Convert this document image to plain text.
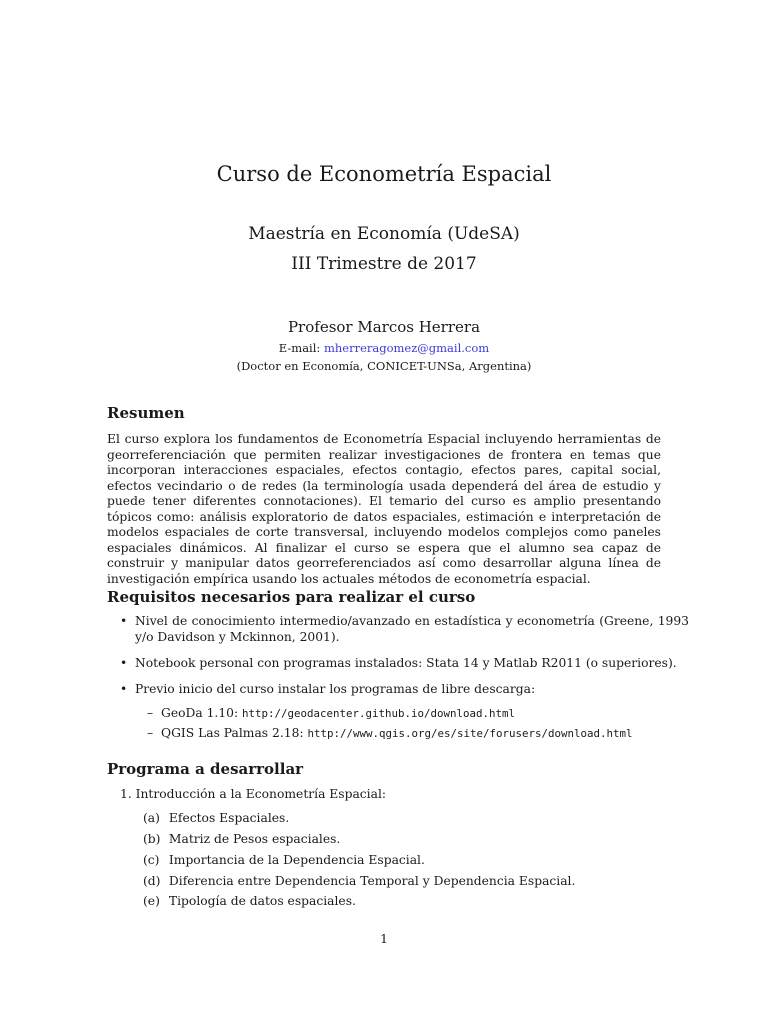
Curso de Econometría Espacial
Maestría en Economía (UdeSA)
III Trimestre de 2017
Profesor Marcos Herrera
E-mail: mherreragomez@gmail.com
(Doctor en Economía, CONICET-UNSa, Argentina)
Resumen
El curso explora los fundamentos de Econometría Espacial incluyendo herramientas de georreferenciación que permiten realizar investigaciones de frontera en temas que incorporan interacciones espaciales, efectos contagio, efectos pares, capital social, efectos vecindario o de redes (la terminología usada dependerá del área de estudio y puede tener diferentes connotaciones). El temario del curso es amplio presentando tópicos como: análisis exploratorio de datos espaciales, estimación e interpretación de modelos espaciales de corte transversal, incluyendo modelos complejos como paneles espaciales dinámicos. Al finalizar el curso se espera que el alumno sea capaz de construir y manipular datos georreferenciados así como desarrollar alguna línea de investigación empírica usando los actuales métodos de econometría espacial.
Requisitos necesarios para realizar el curso
• Nivel de conocimiento intermedio/avanzado en estadística y econometría (Greene, 1993 y/o Davidson y Mckinnon, 2001).
• Notebook personal con programas instalados: Stata 14 y Matlab R2011 (o superiores).
• Previo inicio del curso instalar los programas de libre descarga:
– GeoDa 1.10: http://geodacenter.github.io/download.html
– QGIS Las Palmas 2.18: http://www.qgis.org/es/site/forusers/download.html
Programa a desarrollar
1. Introducción a la Econometría Espacial:
(a) Efectos Espaciales.
(b) Matriz de Pesos espaciales.
(c) Importancia de la Dependencia Espacial.
(d) Diferencia entre Dependencia Temporal y Dependencia Espacial.
(e) Tipología de datos espaciales.
1
